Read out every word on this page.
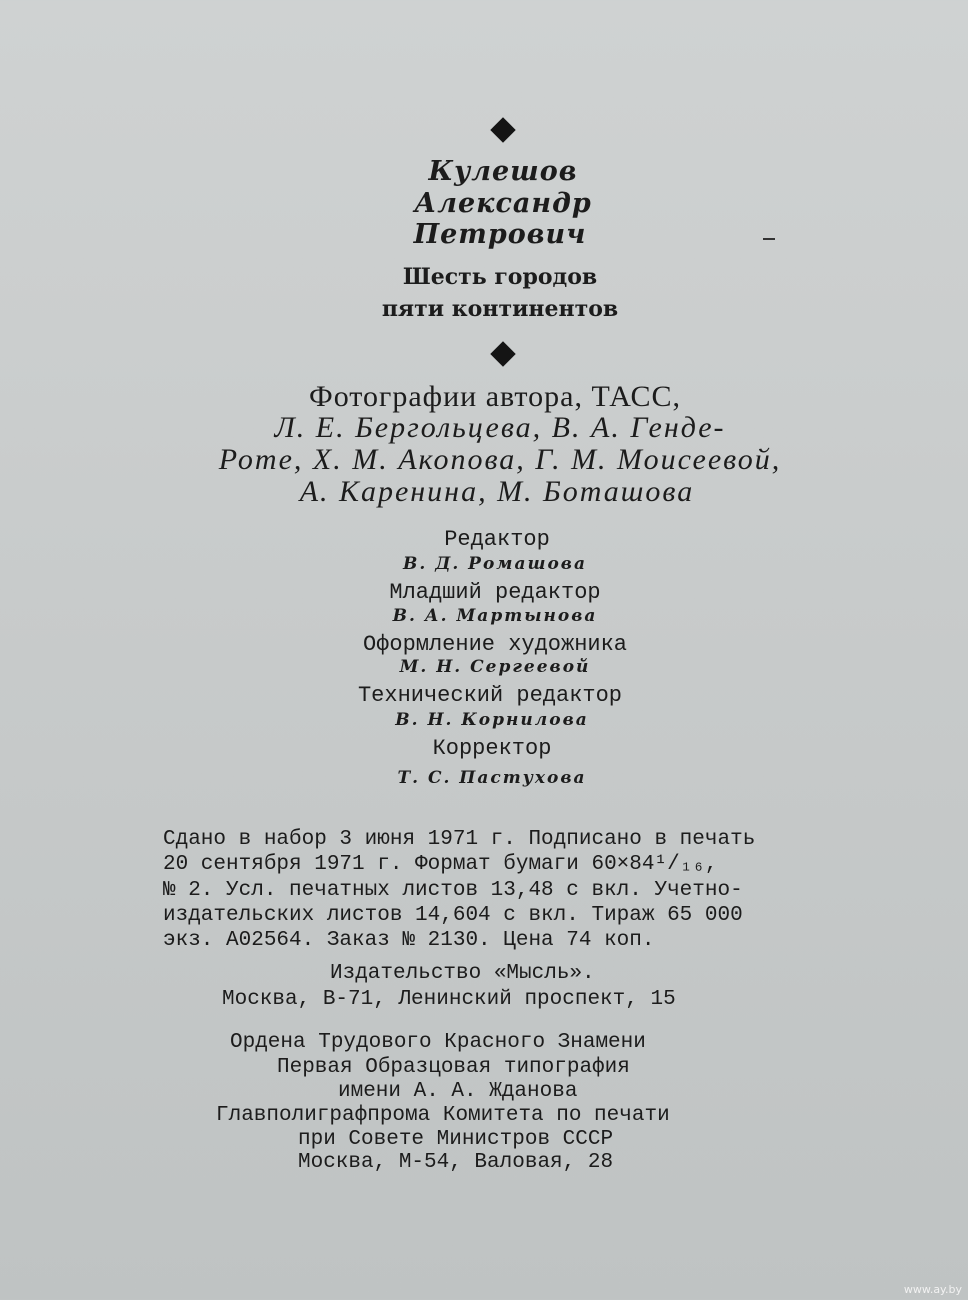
Кулешов
Александр
Петрович
Шесть городов
пяти континентов
Фотографии автора, ТАСС,
Л. Е. Бергольцева, В. А. Генде-
Роте, Х. М. Акопова, Г. М. Моисеевой,
А. Каренина, М. Боташова
Редактор
В. Д. Ромашова
Младший редактор
В. А. Мартынова
Оформление художника
М. Н. Сергеевой
Технический редактор
В. Н. Корнилова
Корректор
Т. С. Пастухова
Сдано в набор 3 июня 1971 г. Подписано в печать
20 сентября 1971 г. Формат бумаги 60×84¹/₁₆,
№ 2. Усл. печатных листов 13,48 с вкл. Учетно-
издательских листов 14,604 с вкл. Тираж 65 000
экз. А02564. Заказ № 2130. Цена 74 коп.
Издательство «Мысль».
Москва, В-71, Ленинский проспект, 15
Ордена Трудового Красного Знамени
Первая Образцовая типография
имени А. А. Жданова
Главполиграфпрома Комитета по печати
при Совете Министров СССР
Москва, М-54, Валовая, 28
www.ay.by
